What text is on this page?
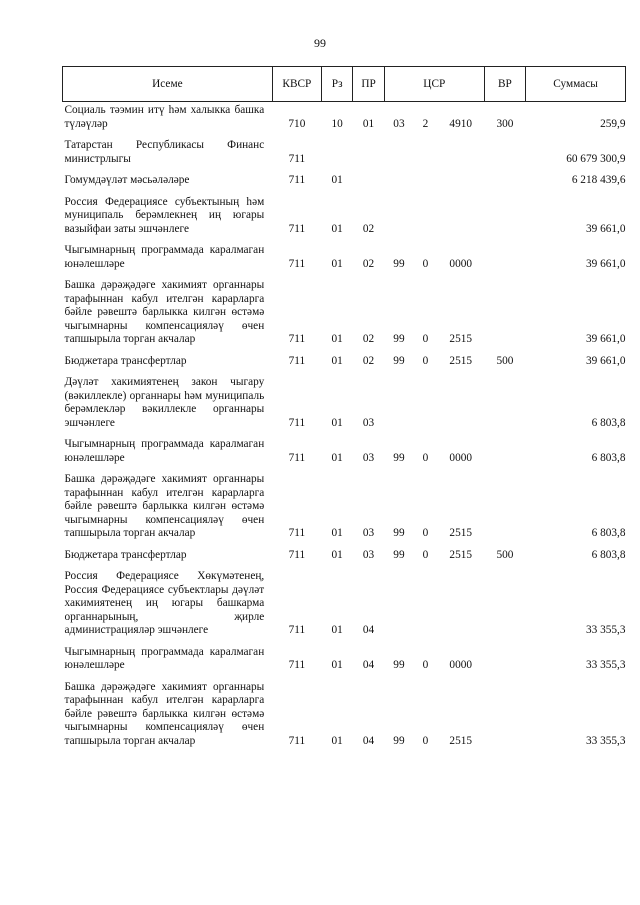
99
Исеме	КВСР	Рз	ПР	ЦСР			ВР	Суммасы
Социаль тәэмин итү һәм халыкка башка түләүләр	710	10	01	03	2	4910	300	259,9
Татарстан Республикасы Финанс министрлыгы	711							60 679 300,9
Гомумдәүләт мәсьәләләре	711	01						6 218 439,6
Россия Федерациясе субъектының һәм муниципаль берәмлекнең иң югары вазыйфаи заты эшчәнлеге	711	01	02					39 661,0
Чыгымнарның программада каралмаган юнәлешләре	711	01	02	99	0	0000		39 661,0
Башка дәрәҗәдәге хакимият органнары тарафыннан кабул ителгән карарларга бәйле рәвештә барлыкка килгән өстәмә чыгымнарны компенсацияләү өчен тапшырыла торган акчалар	711	01	02	99	0	2515		39 661,0
Бюджетара трансфертлар	711	01	02	99	0	2515	500	39 661,0
Дәүләт хакимиятенең закон чыгару (вәкиллекле) органнары һәм муниципаль берәмлекләр вәкиллекле органнары эшчәнлеге	711	01	03					6 803,8
Чыгымнарның программада каралмаган юнәлешләре	711	01	03	99	0	0000		6 803,8
Башка дәрәҗәдәге хакимият органнары тарафыннан кабул ителгән карарларга бәйле рәвештә барлыкка килгән өстәмә чыгымнарны компенсацияләү өчен тапшырыла торган акчалар	711	01	03	99	0	2515		6 803,8
Бюджетара трансфертлар	711	01	03	99	0	2515	500	6 803,8
Россия Федерациясе Хөкүмәтенең, Россия Федерациясе субъектлары дәүләт хакимиятенең иң югары башкарма органнарының, җирле администрацияләр эшчәнлеге	711	01	04					33 355,3
Чыгымнарның программада каралмаган юнәлешләре	711	01	04	99	0	0000		33 355,3
Башка дәрәҗәдәге хакимият органнары тарафыннан кабул ителгән карарларга бәйле рәвештә барлыкка килгән өстәмә чыгымнарны компенсацияләү өчен тапшырыла торган акчалар	711	01	04	99	0	2515		33 355,3
